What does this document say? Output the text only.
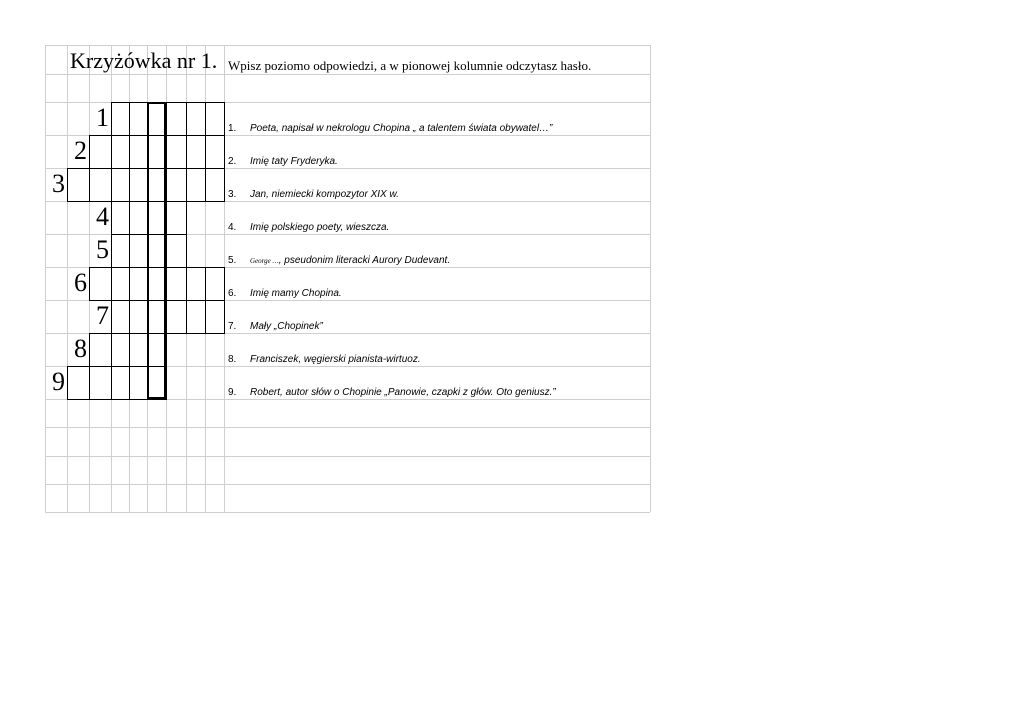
Krzyżówka nr 1. Wpisz poziomo odpowiedzi, a w pionowej kolumnie odczytasz hasło.
1
2
3
4
5
6
7
8
9
1. Poeta, napisał w nekrologu Chopina „ a talentem świata obywatel…”
2. Imię taty Fryderyka.
3. Jan, niemiecki kompozytor XIX w.
4. Imię polskiego poety, wieszcza.
5. George …, pseudonim literacki Aurory Dudevant.
6. Imię mamy Chopina.
7. Mały „Chopinek”
8. Franciszek, węgierski pianista-wirtuoz.
9. Robert, autor słów o Chopinie „Panowie, czapki z głów. Oto geniusz.”
